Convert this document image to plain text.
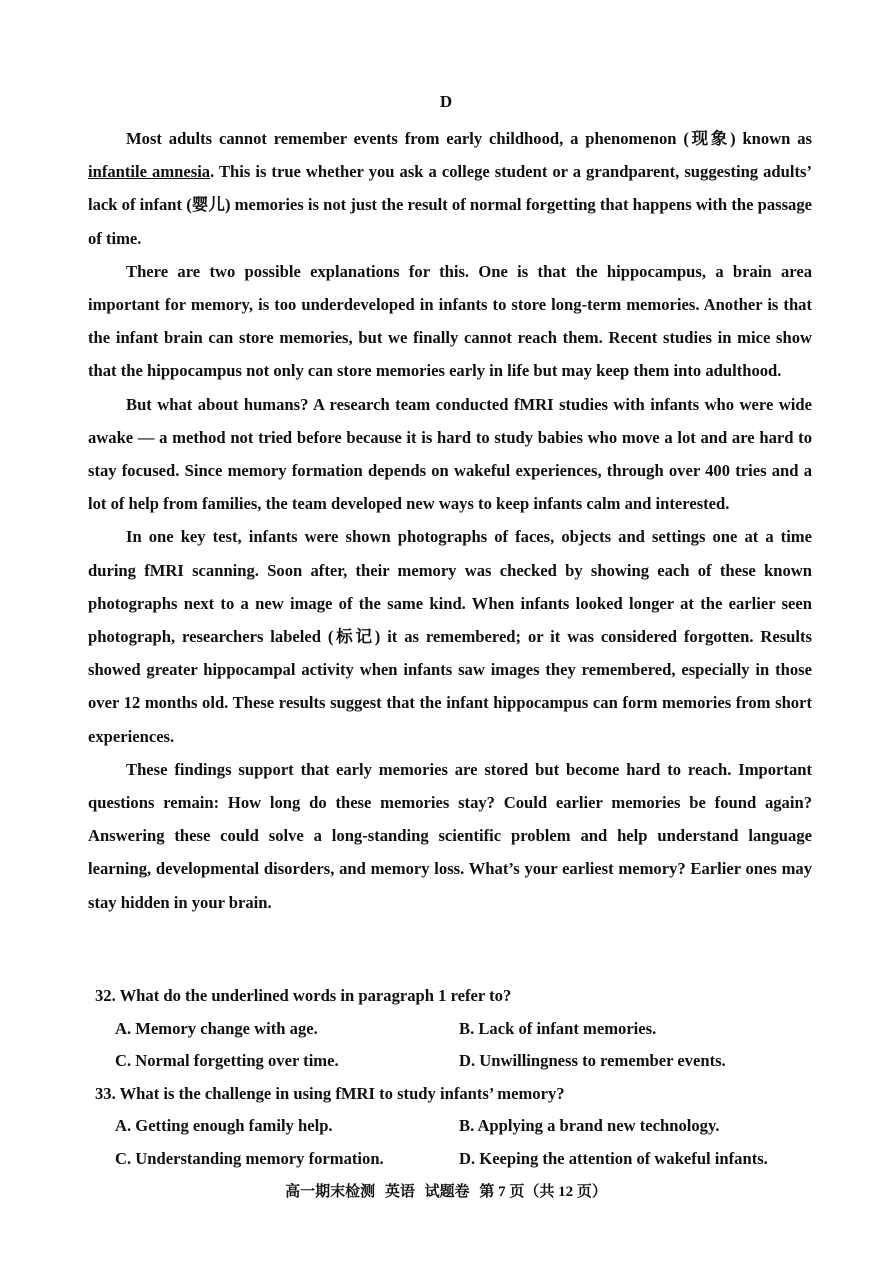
D

Most adults cannot remember events from early childhood, a phenomenon (现象) known as infantile amnesia. This is true whether you ask a college student or a grandparent, suggesting adults’ lack of infant (婴儿) memories is not just the result of normal forgetting that happens with the passage of time.

There are two possible explanations for this. One is that the hippocampus, a brain area important for memory, is too underdeveloped in infants to store long-term memories. Another is that the infant brain can store memories, but we finally cannot reach them. Recent studies in mice show that the hippocampus not only can store memories early in life but may keep them into adulthood.

But what about humans? A research team conducted fMRI studies with infants who were wide awake — a method not tried before because it is hard to study babies who move a lot and are hard to stay focused. Since memory formation depends on wakeful experiences, through over 400 tries and a lot of help from families, the team developed new ways to keep infants calm and interested.

In one key test, infants were shown photographs of faces, objects and settings one at a time during fMRI scanning. Soon after, their memory was checked by showing each of these known photographs next to a new image of the same kind. When infants looked longer at the earlier seen photograph, researchers labeled (标记) it as remembered; or it was considered forgotten. Results showed greater hippocampal activity when infants saw images they remembered, especially in those over 12 months old. These results suggest that the infant hippocampus can form memories from short experiences.

These findings support that early memories are stored but become hard to reach. Important questions remain: How long do these memories stay? Could earlier memories be found again? Answering these could solve a long-standing scientific problem and help understand language learning, developmental disorders, and memory loss. What’s your earliest memory? Earlier ones may stay hidden in your brain.

32. What do the underlined words in paragraph 1 refer to?

A. Memory change with age.	B. Lack of infant memories.
C. Normal forgetting over time.	D. Unwillingness to remember events.

33. What is the challenge in using fMRI to study infants’ memory?

A. Getting enough family help.	B. Applying a brand new technology.
C. Understanding memory formation.	D. Keeping the attention of wakeful infants.
高一期末检测 英语 试题卷 第 7 页（共 12 页）
